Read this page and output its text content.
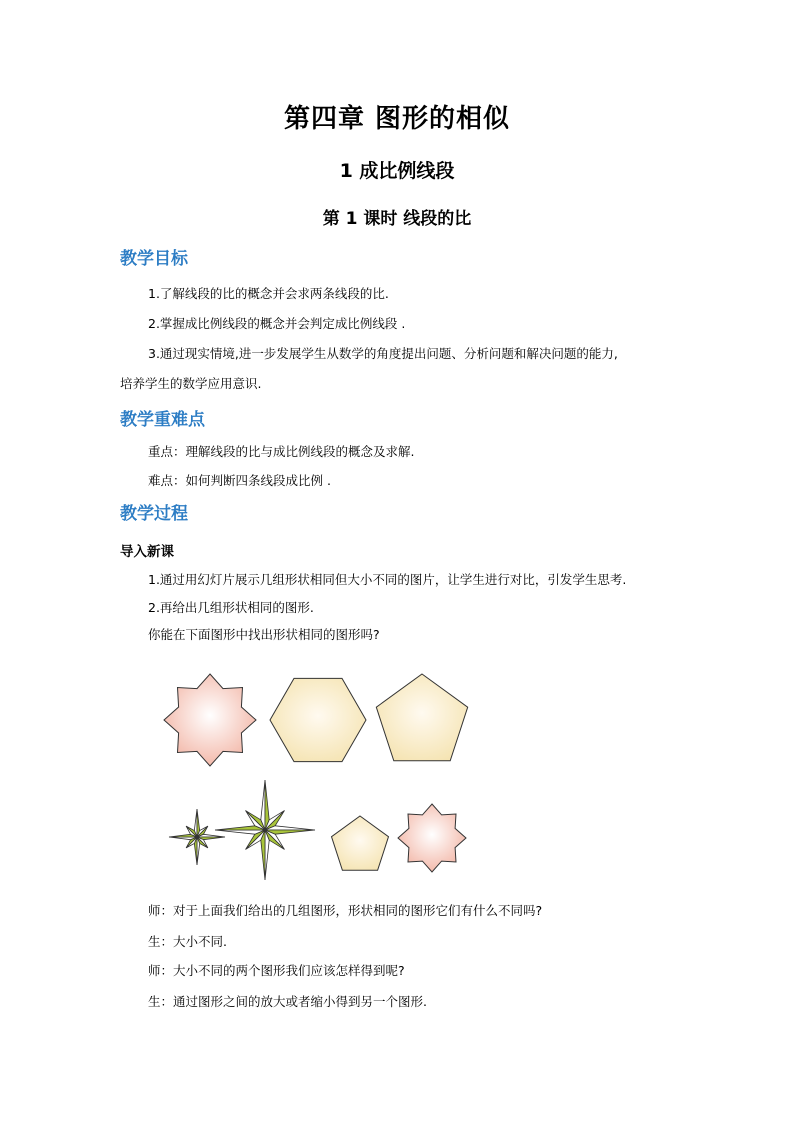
第四章 图形的相似
1 成比例线段
第 1 课时 线段的比
教学目标
1.了解线段的比的概念并会求两条线段的比.
2.掌握成比例线段的概念并会判定成比例线段 .
3.通过现实情境,进一步发展学生从数学的角度提出问题、分析问题和解决问题的能力,
培养学生的数学应用意识.
教学重难点
重点：理解线段的比与成比例线段的概念及求解.
难点：如何判断四条线段成比例 .
教学过程
导入新课
1.通过用幻灯片展示几组形状相同但大小不同的图片，让学生进行对比，引发学生思考.
2.再给出几组形状相同的图形.
你能在下面图形中找出形状相同的图形吗?
师：对于上面我们给出的几组图形，形状相同的图形它们有什么不同吗?
生：大小不同.
师：大小不同的两个图形我们应该怎样得到呢?
生：通过图形之间的放大或者缩小得到另一个图形.
